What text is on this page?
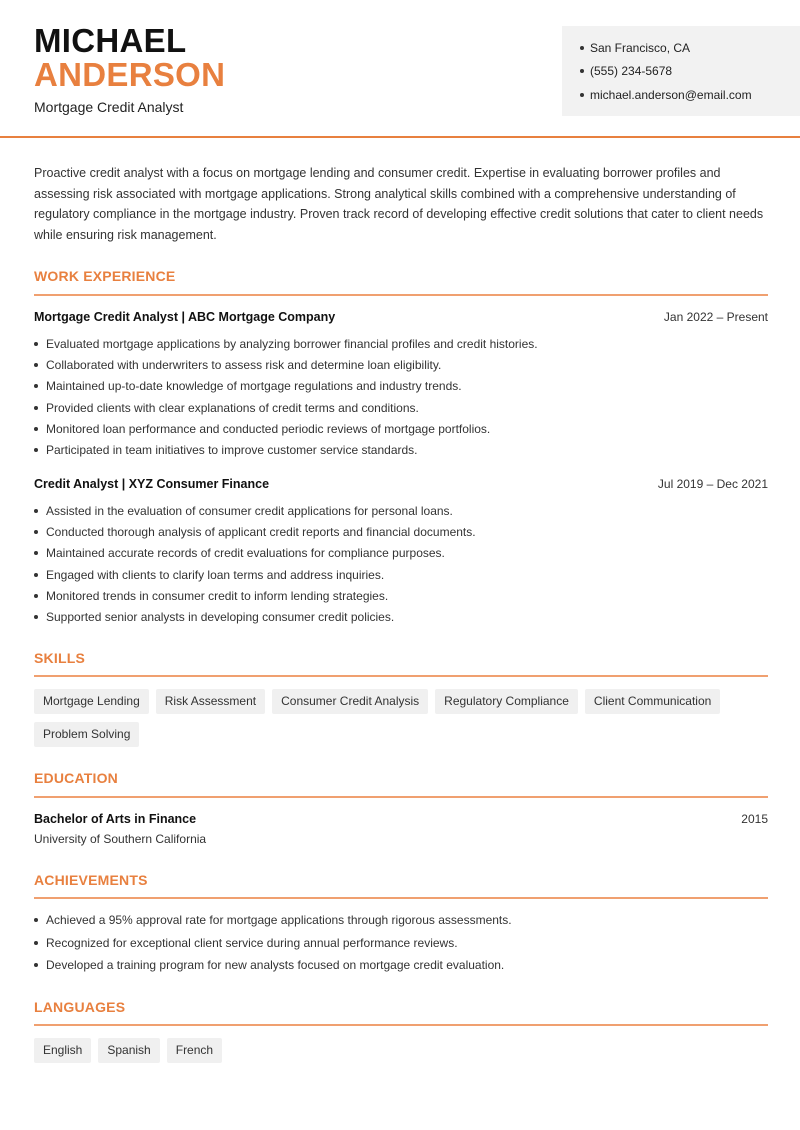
MICHAEL
ANDERSON
Mortgage Credit Analyst
San Francisco, CA
(555) 234-5678
michael.anderson@email.com

Proactive credit analyst with a focus on mortgage lending and consumer credit. Expertise in evaluating borrower profiles and assessing risk associated with mortgage applications. Strong analytical skills combined with a comprehensive understanding of regulatory compliance in the mortgage industry. Proven track record of developing effective credit solutions that cater to client needs while ensuring risk management.

WORK EXPERIENCE
Mortgage Credit Analyst | ABC Mortgage Company	Jan 2022 – Present
Evaluated mortgage applications by analyzing borrower financial profiles and credit histories.
Collaborated with underwriters to assess risk and determine loan eligibility.
Maintained up-to-date knowledge of mortgage regulations and industry trends.
Provided clients with clear explanations of credit terms and conditions.
Monitored loan performance and conducted periodic reviews of mortgage portfolios.
Participated in team initiatives to improve customer service standards.
Credit Analyst | XYZ Consumer Finance	Jul 2019 – Dec 2021
Assisted in the evaluation of consumer credit applications for personal loans.
Conducted thorough analysis of applicant credit reports and financial documents.
Maintained accurate records of credit evaluations for compliance purposes.
Engaged with clients to clarify loan terms and address inquiries.
Monitored trends in consumer credit to inform lending strategies.
Supported senior analysts in developing consumer credit policies.
SKILLS
Mortgage Lending	Risk Assessment	Consumer Credit Analysis	Regulatory Compliance	Client Communication
Problem Solving
EDUCATION
Bachelor of Arts in Finance	2015
University of Southern California
ACHIEVEMENTS
Achieved a 95% approval rate for mortgage applications through rigorous assessments.
Recognized for exceptional client service during annual performance reviews.
Developed a training program for new analysts focused on mortgage credit evaluation.
LANGUAGES
English	Spanish	French
